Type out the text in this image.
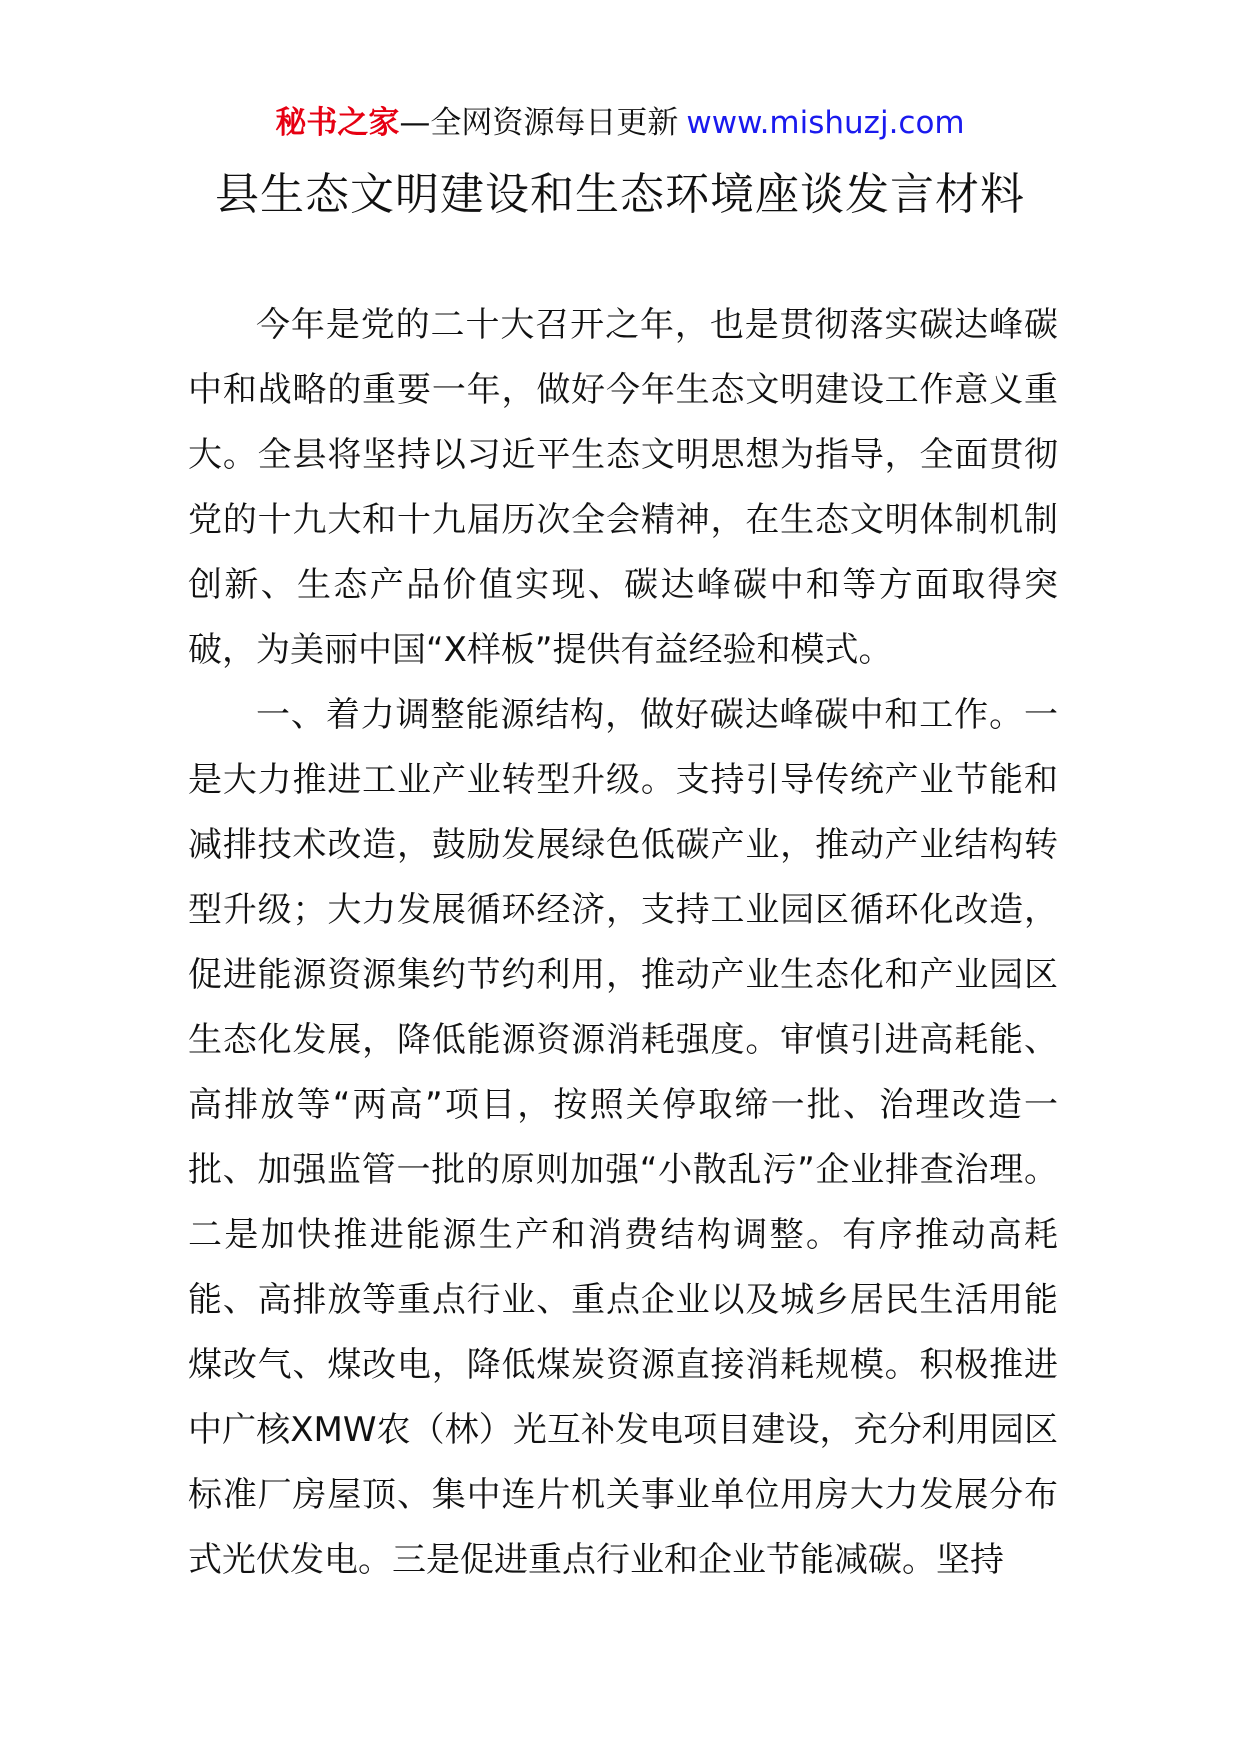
秘书之家—全网资源每日更新 www.mishuzj.com
县生态文明建设和生态环境座谈发言材料

今年是党的二十大召开之年，也是贯彻落实碳达峰碳中和战略的重要一年，做好今年生态文明建设工作意义重大。全县将坚持以习近平生态文明思想为指导，全面贯彻党的十九大和十九届历次全会精神，在生态文明体制机制创新、生态产品价值实现、碳达峰碳中和等方面取得突破，为美丽中国“X样板”提供有益经验和模式。

一、着力调整能源结构，做好碳达峰碳中和工作。一是大力推进工业产业转型升级。支持引导传统产业节能和减排技术改造，鼓励发展绿色低碳产业，推动产业结构转型升级；大力发展循环经济，支持工业园区循环化改造，促进能源资源集约节约利用，推动产业生态化和产业园区生态化发展，降低能源资源消耗强度。审慎引进高耗能、高排放等“两高”项目，按照关停取缔一批、治理改造一批、加强监管一批的原则加强“小散乱污”企业排查治理。二是加快推进能源生产和消费结构调整。有序推动高耗能、高排放等重点行业、重点企业以及城乡居民生活用能煤改气、煤改电，降低煤炭资源直接消耗规模。积极推进中广核XMW农（林）光互补发电项目建设，充分利用园区标准厂房屋顶、集中连片机关事业单位用房大力发展分布式光伏发电。三是促进重点行业和企业节能减碳。坚持
